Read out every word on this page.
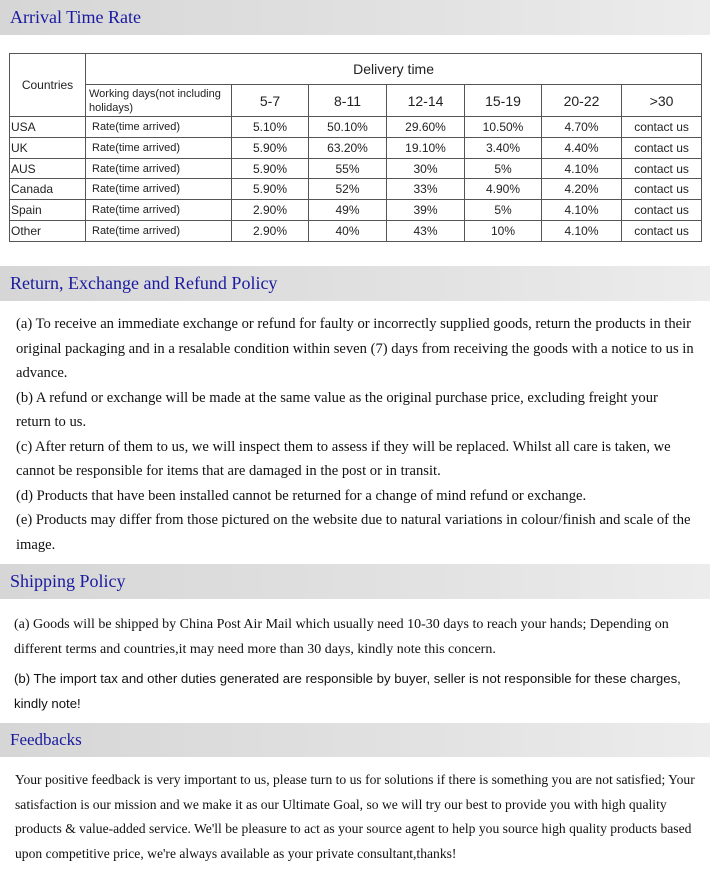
Arrival Time Rate
Countries	Delivery time						
	Working days(not including holidays)	5-7	8-11	12-14	15-19	20-22	>30
USA	Rate(time arrived)	5.10%	50.10%	29.60%	10.50%	4.70%	contact us
UK	Rate(time arrived)	5.90%	63.20%	19.10%	3.40%	4.40%	contact us
AUS	Rate(time arrived)	5.90%	55%	30%	5%	4.10%	contact us
Canada	Rate(time arrived)	5.90%	52%	33%	4.90%	4.20%	contact us
Spain	Rate(time arrived)	2.90%	49%	39%	5%	4.10%	contact us
Other	Rate(time arrived)	2.90%	40%	43%	10%	4.10%	contact us
Return, Exchange and Refund Policy

(a) To receive an immediate exchange or refund for faulty or incorrectly supplied goods, return the products in their original packaging and in a resalable condition within seven (7) days from receiving the goods with a notice to us in advance.

(b) A refund or exchange will be made at the same value as the original purchase price, excluding freight your return to us.

(c) After return of them to us, we will inspect them to assess if they will be replaced. Whilst all care is taken, we cannot be responsible for items that are damaged in the post or in transit.

(d) Products that have been installed cannot be returned for a change of mind refund or exchange.

(e) Products may differ from those pictured on the website due to natural variations in colour/finish and scale of the image.

Shipping Policy
(a) Goods will be shipped by China Post Air Mail which usually need 10-30 days to reach your hands; Depending on different terms and countries,it may need more than 30 days, kindly note this concern.
(b) The import tax and other duties generated are responsible by buyer, seller is not responsible for these charges, kindly note!
Feedbacks
Your positive feedback is very important to us, please turn to us for solutions if there is something you are not satisfied; Your satisfaction is our mission and we make it as our Ultimate Goal, so we will try our best to provide you with high quality products & value-added service. We'll be pleasure to act as your source agent to help you source high quality products based upon competitive price, we're always available as your private consultant,thanks!
